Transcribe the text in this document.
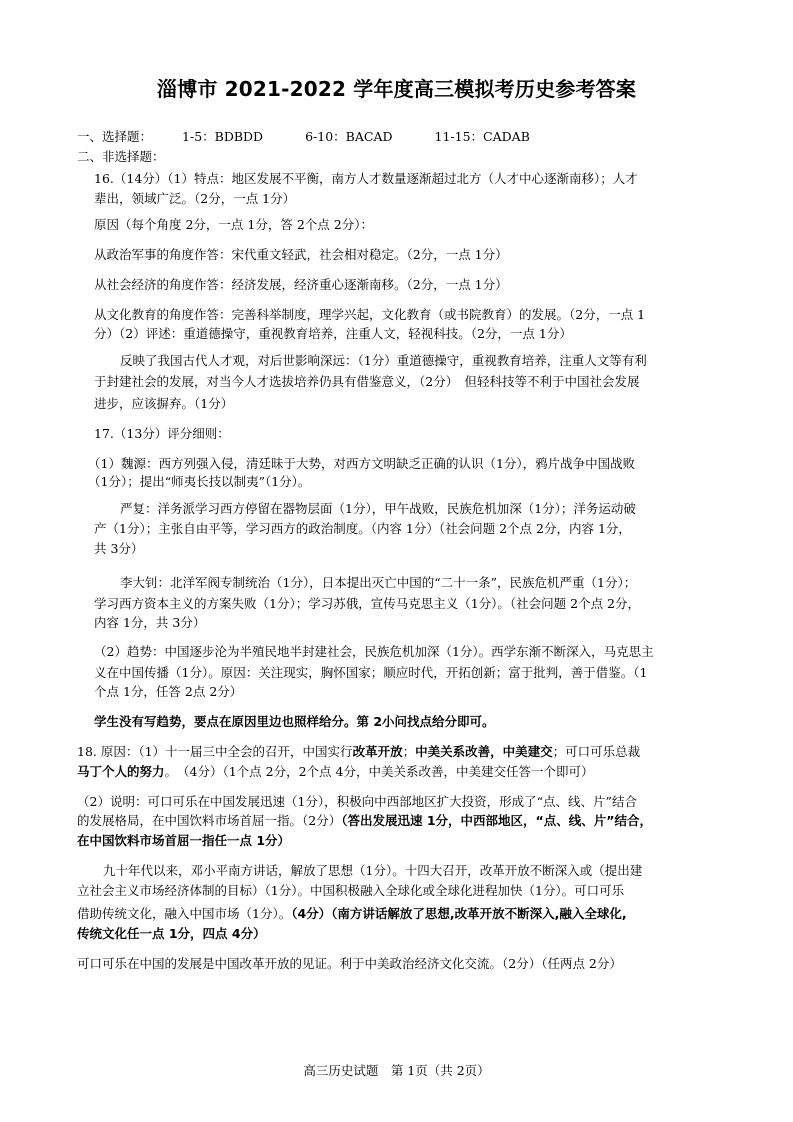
淄博市 2021-2022 学年度高三模拟考历史参考答案
一、选择题： 1-5：BDBDD	6-10：BACAD	11-15：CADAB
二、非选择题：
16.（14分）（1）特点：地区发展不平衡，南方人才数量逐渐超过北方（人才中心逐渐南移）；人才
辈出，领域广泛。（2分，一点 1分）
原因（每个角度 2分，一点 1分，答 2个点 2分）：
从政治军事的角度作答：宋代重文轻武，社会相对稳定。（2分，一点 1分）
从社会经济的角度作答：经济发展，经济重心逐渐南移。（2分，一点 1分）
从文化教育的角度作答：完善科举制度，理学兴起，文化教育（或书院教育）的发展。（2分，一点 1
分）（2）评述：重道德操守，重视教育培养，注重人文，轻视科技。（2分，一点 1分）
反映了我国古代人才观，对后世影响深远：（1分）重道德操守，重视教育培养，注重人文等有利
于封建社会的发展，对当今人才选拔培养仍具有借鉴意义，（2分）　但轻科技等不利于中国社会发展
进步，应该摒弃。（1分）
17.（13分）评分细则：
（1）魏源：西方列强入侵，清廷昧于大势，对西方文明缺乏正确的认识（1分），鸦片战争中国战败
（1分）；提出“师夷长技以制夷”（1分）。
严复：洋务派学习西方停留在器物层面（1分），甲午战败，民族危机加深（1分）；洋务运动破
产（1分）；主张自由平等，学习西方的政治制度。（内容 1分）（社会问题 2个点 2分，内容 1分，
共 3分）
李大钊：北洋军阀专制统治（1分），日本提出灭亡中国的“二十一条”，民族危机严重（1分）；
学习西方资本主义的方案失败（1分）；学习苏俄，宣传马克思主义（1分）。（社会问题 2个点 2分，
内容 1分，共 3分）
（2）趋势：中国逐步沦为半殖民地半封建社会，民族危机加深（1分）。西学东渐不断深入，马克思主
义在中国传播（1分）。原因：关注现实，胸怀国家；顺应时代，开拓创新；富于批判，善于借鉴。（1
个点 1分，任答 2点 2分）
学生没有写趋势，要点在原因里边也照样给分。第 2小问找点给分即可。
18. 原因：（1）十一届三中全会的召开，中国实行改革开放；中美关系改善，中美建交；可口可乐总裁
马丁个人的努力。　（4分）（1个点 2分，2个点 4分，中美关系改善，中美建交任答一个即可）
（2）说明：可口可乐在中国发展迅速（1分），积极向中西部地区扩大投资，形成了“点、线、片”结合
的发展格局，在中国饮料市场首屈一指。（2分）（答出发展迅速 1分，中西部地区，“点、线、片”结合，
在中国饮料市场首屈一指任一点 1分）
九十年代以来，邓小平南方讲话，解放了思想（1分）。十四大召开，改革开放不断深入或（提出建
立社会主义市场经济体制的目标）（1分）。中国积极融入全球化或全球化进程加快（1分）。可口可乐
借助传统文化，融入中国市场（1分）。（4分）（南方讲话解放了思想,改革开放不断深入,融入全球化,
传统文化任一点 1分，四点 4分）
可口可乐在中国的发展是中国改革开放的见证。利于中美政治经济文化交流。（2分）（任两点 2分）
高三历史试题　第 1页（共 2页）
